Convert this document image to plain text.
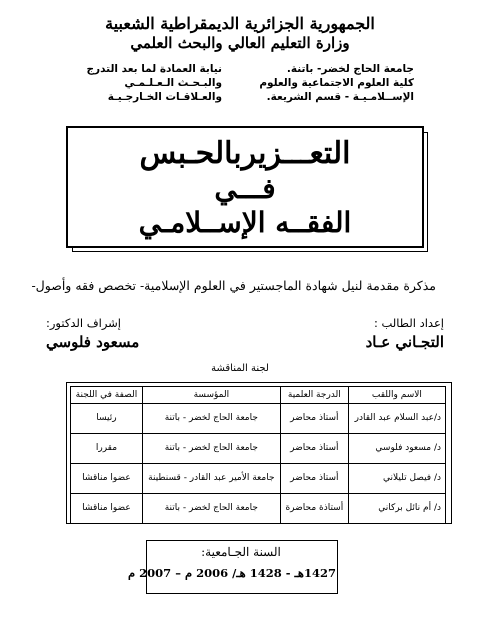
الجمهورية الجزائرية الديمقراطية الشعبية
وزارة التعليم العالي والبحث العلمي
جامعة الحاج لخضر- باتنة.
كلية العلوم الاجتماعية والعلوم
الإســلامـيـة - قسم الشريعة.
نيابة العمادة لما بعد التدرج
والبـحـث الـعـلـمـي
والعـلاقـات الخـارجـيـة
التعـــزيربالحـبس
فـــي
الفقــه الإســلامـي
مذكرة مقدمة لنيل شهادة الماجستير في العلوم الإسلامية- تخصص فقه وأصول-
إعداد الطالب :
التجـاني عـاد
إشراف الدكتور:
مسعود فلوسي
لجنة المناقشة
الاسم واللقب	الدرجة العلمية	المؤسسة	الصفة في اللجنة
د/عبد السلام عبد القادر	أستاذ محاضر	جامعة الحاج لخضر - باتنة	رئيسا
د/ مسعود فلوسي	أستاذ محاضر	جامعة الحاج لخضر - باتنة	مقررا
د/ فيصل تليلاني	أستاذ محاضر	جامعة الأمير عبد القادر - قسنطينة	عضوا مناقشا
د/ أم نائل بركاني	أستاذة محاضرة	جامعة الحاج لخضر - باتنة	عضوا مناقشا
السنة الجـامعية:
1427هـ - 1428 هـ/ 2006 م – 2007 م
